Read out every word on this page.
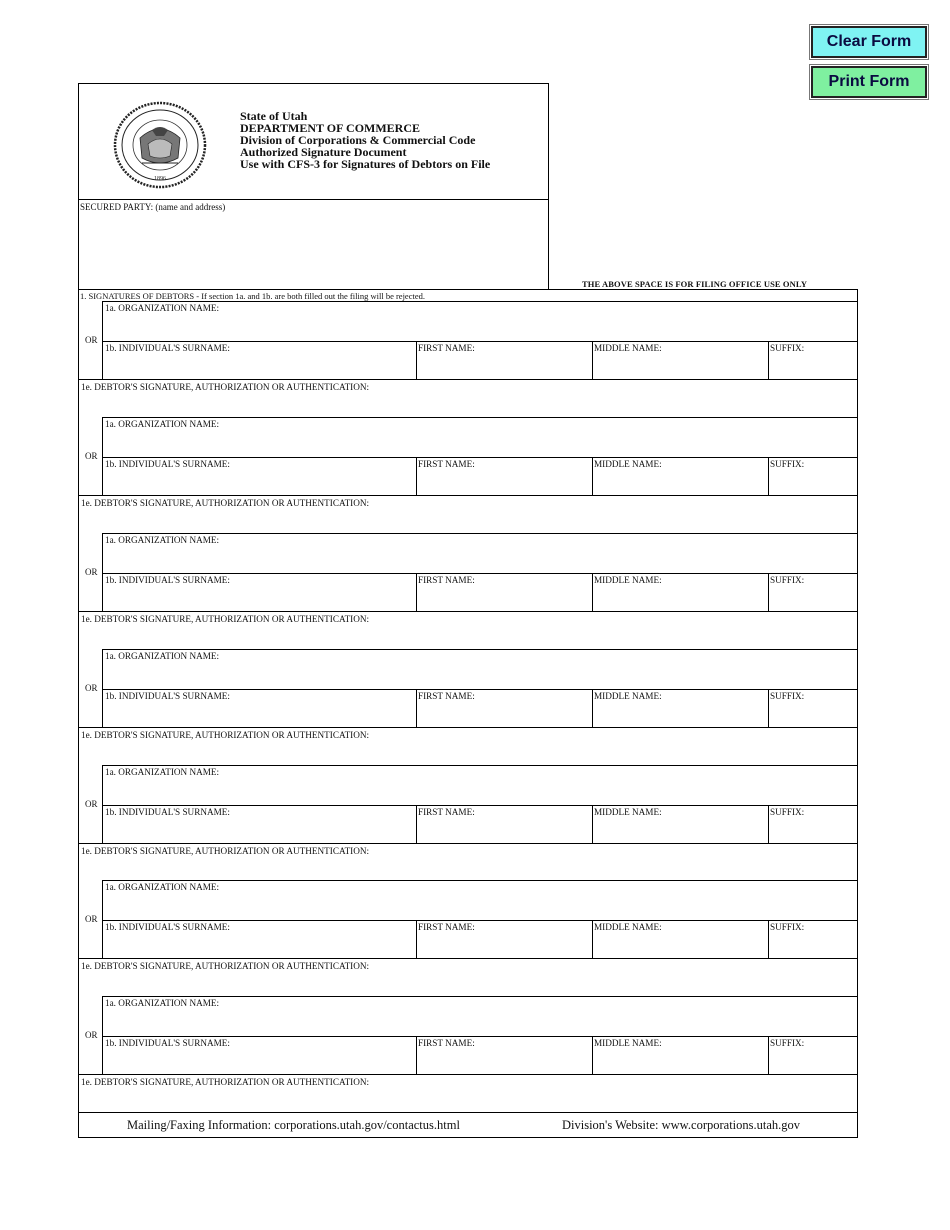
Clear Form
Print Form
1896
State of Utah
DEPARTMENT OF COMMERCE
Division of Corporations & Commercial Code
Authorized Signature Document
Use with CFS-3 for Signatures of Debtors on File
SECURED PARTY: (name and address)
THE ABOVE SPACE IS FOR FILING OFFICE USE ONLY
1. SIGNATURES OF DEBTORS - If section 1a. and 1b. are both filled out the filing will be rejected.
OR
1a. ORGANIZATION NAME:
1b. INDIVIDUAL'S SURNAME:	FIRST NAME:	MIDDLE NAME:	SUFFIX:
1e. DEBTOR'S SIGNATURE, AUTHORIZATION OR AUTHENTICATION:
OR
1a. ORGANIZATION NAME:
1b. INDIVIDUAL'S SURNAME:	FIRST NAME:	MIDDLE NAME:	SUFFIX:
1e. DEBTOR'S SIGNATURE, AUTHORIZATION OR AUTHENTICATION:
OR
1a. ORGANIZATION NAME:
1b. INDIVIDUAL'S SURNAME:	FIRST NAME:	MIDDLE NAME:	SUFFIX:
1e. DEBTOR'S SIGNATURE, AUTHORIZATION OR AUTHENTICATION:
OR
1a. ORGANIZATION NAME:
1b. INDIVIDUAL'S SURNAME:	FIRST NAME:	MIDDLE NAME:	SUFFIX:
1e. DEBTOR'S SIGNATURE, AUTHORIZATION OR AUTHENTICATION:
OR
1a. ORGANIZATION NAME:
1b. INDIVIDUAL'S SURNAME:	FIRST NAME:	MIDDLE NAME:	SUFFIX:
1e. DEBTOR'S SIGNATURE, AUTHORIZATION OR AUTHENTICATION:
OR
1a. ORGANIZATION NAME:
1b. INDIVIDUAL'S SURNAME:	FIRST NAME:	MIDDLE NAME:	SUFFIX:
1e. DEBTOR'S SIGNATURE, AUTHORIZATION OR AUTHENTICATION:
OR
1a. ORGANIZATION NAME:
1b. INDIVIDUAL'S SURNAME:	FIRST NAME:	MIDDLE NAME:	SUFFIX:
1e. DEBTOR'S SIGNATURE, AUTHORIZATION OR AUTHENTICATION:
Mailing/Faxing Information: corporations.utah.gov/contactus.html	Division's Website: www.corporations.utah.gov
